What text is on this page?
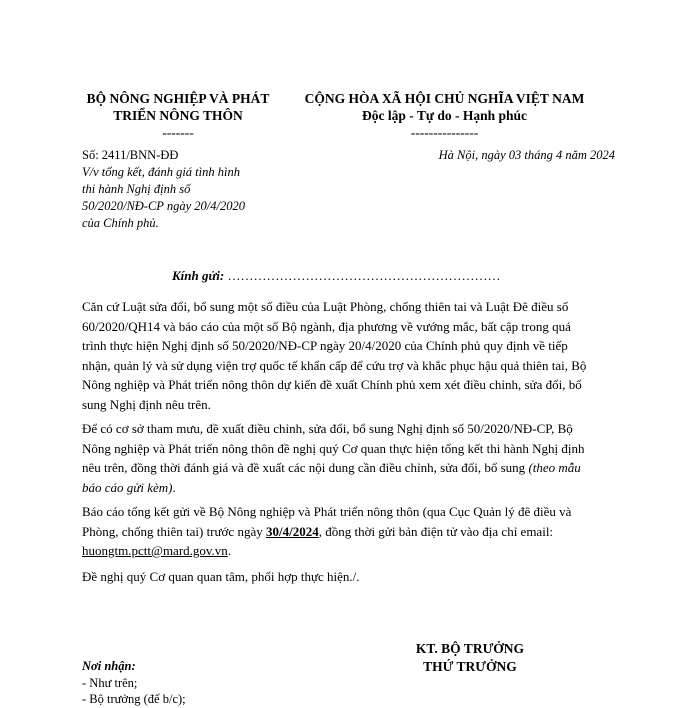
BỘ NÔNG NGHIỆP VÀ PHÁT
TRIỂN NÔNG THÔN
-------
CỘNG HÒA XÃ HỘI CHỦ NGHĨA VIỆT NAM
Độc lập - Tự do - Hạnh phúc
---------------
Số: 2411/BNN-ĐĐ
V/v tổng kết, đánh giá tình hình
thi hành Nghị định số
50/2020/NĐ-CP ngày 20/4/2020
của Chính phủ.
Hà Nội, ngày 03 tháng 4 năm 2024
Kính gửi: ………………………………………………………
Căn cứ Luật sửa đổi, bổ sung một số điều của Luật Phòng, chống thiên tai và Luật Đê điều số
60/2020/QH14 và báo cáo của một số Bộ ngành, địa phương về vướng mắc, bất cập trong quá
trình thực hiện Nghị định số 50/2020/NĐ-CP ngày 20/4/2020 của Chính phủ quy định về tiếp
nhận, quản lý và sử dụng viện trợ quốc tế khẩn cấp để cứu trợ và khắc phục hậu quả thiên tai, Bộ
Nông nghiệp và Phát triển nông thôn dự kiến đề xuất Chính phủ xem xét điều chỉnh, sửa đổi, bổ
sung Nghị định nêu trên.
Để có cơ sở tham mưu, đề xuất điều chỉnh, sửa đổi, bổ sung Nghị định số 50/2020/NĐ-CP, Bộ
Nông nghiệp và Phát triển nông thôn đề nghị quý Cơ quan thực hiện tổng kết thi hành Nghị định
nêu trên, đồng thời đánh giá và đề xuất các nội dung cần điều chỉnh, sửa đổi, bổ sung (theo mẫu
báo cáo gửi kèm).
Báo cáo tổng kết gửi về Bộ Nông nghiệp và Phát triển nông thôn (qua Cục Quản lý đê điều và
Phòng, chống thiên tai) trước ngày 30/4/2024, đồng thời gửi bản điện tử vào địa chỉ email:
huongtm.pctt@mard.gov.vn.
Đề nghị quý Cơ quan quan tâm, phối hợp thực hiện./.
KT. BỘ TRƯỞNG
THỨ TRƯỞNG
Nơi nhận:
- Như trên;
- Bộ trưởng (để b/c);
